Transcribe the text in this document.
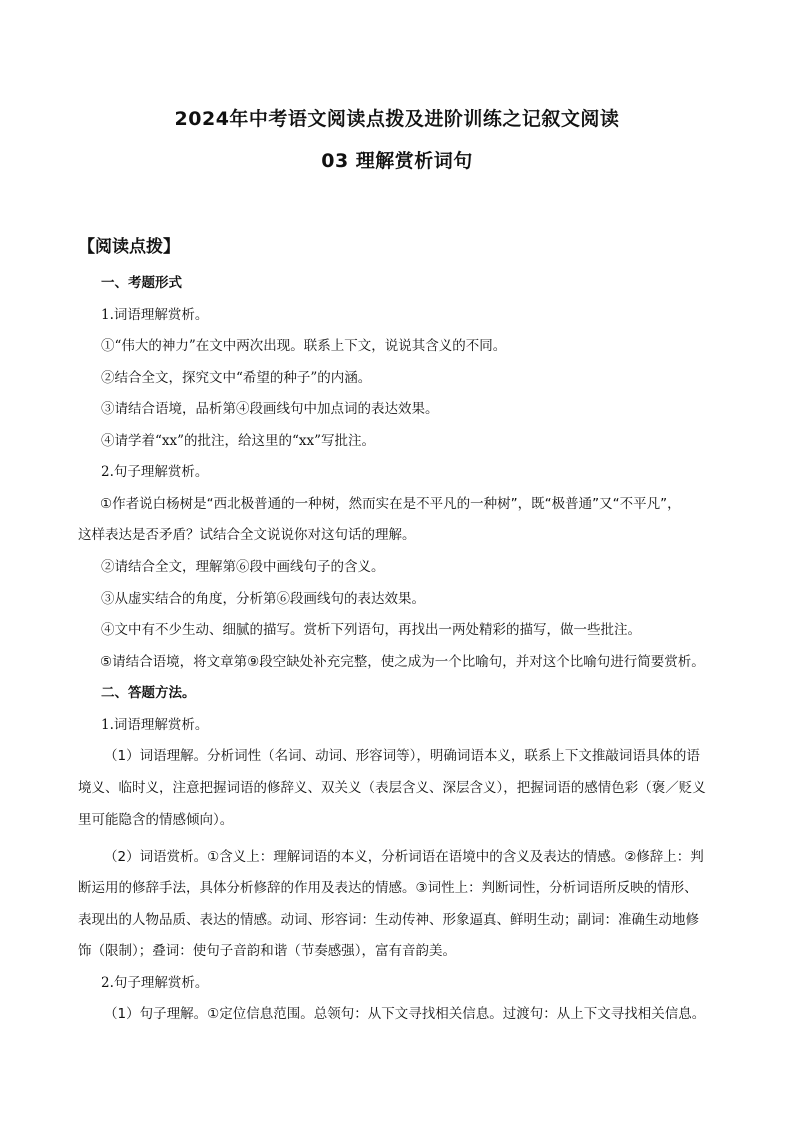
2024年中考语文阅读点拨及进阶训练之记叙文阅读
03 理解赏析词句
【阅读点拨】
一、考题形式
1.词语理解赏析。
①“伟大的神力”在文中两次出现。联系上下文，说说其含义的不同。
②结合全文，探究文中“希望的种子”的内涵。
③请结合语境，品析第④段画线句中加点词的表达效果。
④请学着“xx”的批注，给这里的“xx”写批注。
2.句子理解赏析。
①作者说白杨树是“西北极普通的一种树，然而实在是不平凡的一种树”，既“极普通”又“不平凡”，
这样表达是否矛盾？试结合全文说说你对这句话的理解。
②请结合全文，理解第⑥段中画线句子的含义。
③从虚实结合的角度，分析第⑥段画线句的表达效果。
④文中有不少生动、细腻的描写。赏析下列语句，再找出一两处精彩的描写，做一些批注。
⑤请结合语境，将文章第⑨段空缺处补充完整，使之成为一个比喻句，并对这个比喻句进行简要赏析。
二、答题方法。
1.词语理解赏析。
（1）词语理解。分析词性（名词、动词、形容词等），明确词语本义，联系上下文推敲词语具体的语
境义、临时义，注意把握词语的修辞义、双关义（表层含义、深层含义），把握词语的感情色彩（褒／贬义
里可能隐含的情感倾向）。
（2）词语赏析。①含义上：理解词语的本义，分析词语在语境中的含义及表达的情感。②修辞上：判
断运用的修辞手法，具体分析修辞的作用及表达的情感。③词性上：判断词性，分析词语所反映的情形、
表现出的人物品质、表达的情感。动词、形容词：生动传神、形象逼真、鲜明生动；副词：准确生动地修
饰（限制）；叠词：使句子音韵和谐（节奏感强），富有音韵美。
2.句子理解赏析。
（1）句子理解。①定位信息范围。总领句：从下文寻找相关信息。过渡句：从上下文寻找相关信息。
